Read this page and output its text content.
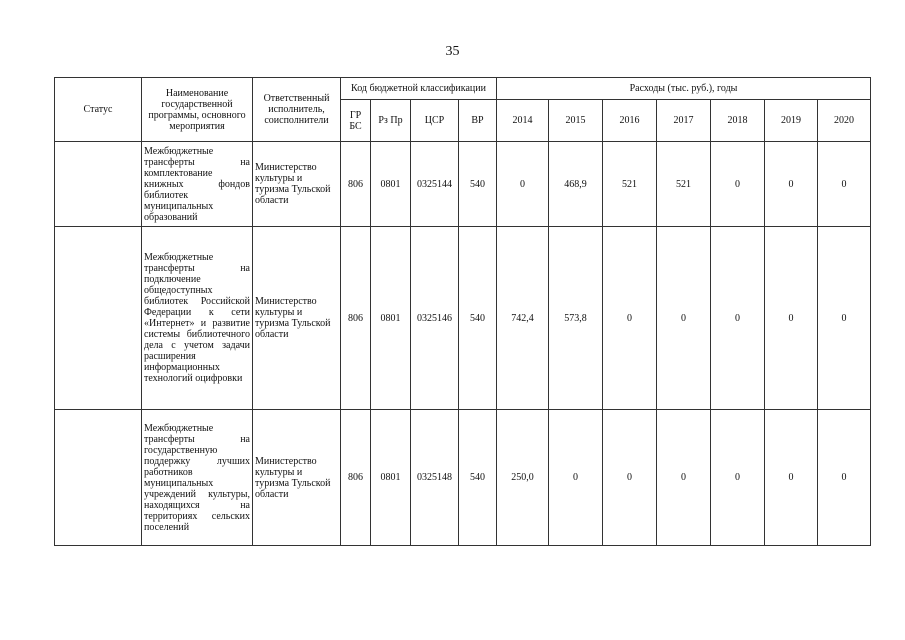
35
Статус	Наименование государственной программы, основного мероприятия	Ответственный исполнитель, соисполнители	Код бюджетной классификации				Расходы (тыс. руб.), годы						
			ГР БС	Рз Пр	ЦСР	ВР	2014	2015	2016	2017	2018	2019	2020
	Межбюджетные трансферты на комплектование книжных фондов библиотек муниципальных образований	Министерство культуры и туризма Тульской области	806	0801	0325144	540	0	468,9	521	521	0	0	0
	Межбюджетные трансферты на подключение общедоступных библиотек Российской Федерации к сети «Интернет» и развитие системы библиотечного дела с учетом задачи расширения информационных технологий оцифровки	Министерство культуры и туризма Тульской области	806	0801	0325146	540	742,4	573,8	0	0	0	0	0
	Межбюджетные трансферты на государственную поддержку лучших работников муниципальных учреждений культуры, находящихся на территориях сельских поселений	Министерство культуры и туризма Тульской области	806	0801	0325148	540	250,0	0	0	0	0	0	0
